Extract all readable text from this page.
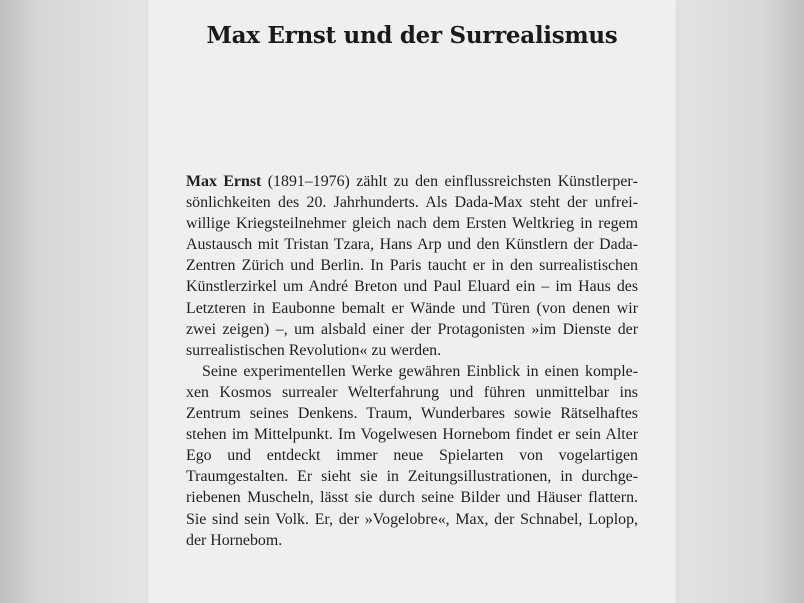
Max Ernst und der Surrealismus

Max Ernst (1891–1976) zählt zu den einflussreichsten Künstlerpersönlichkeiten des 20. Jahrhunderts. Als Dada-Max steht der unfreiwillige Kriegsteilnehmer gleich nach dem Ersten Weltkrieg in regem Austausch mit Tristan Tzara, Hans Arp und den Künstlern der Dada-Zentren Zürich und Berlin. In Paris taucht er in den surrealistischen Künstlerzirkel um André Breton und Paul Eluard ein – im Haus des Letzteren in Eaubonne bemalt er Wände und Türen (von denen wir zwei zeigen) –, um alsbald einer der Protagonisten »im Dienste der surrealistischen Revolution« zu werden.

Seine experimentellen Werke gewähren Einblick in einen komplexen Kosmos surrealer Welterfahrung und führen unmittelbar ins Zentrum seines Denkens. Traum, Wunderbares sowie Rätselhaftes stehen im Mittelpunkt. Im Vogelwesen Hornebom findet er sein Alter Ego und entdeckt immer neue Spielarten von vogelartigen Traumgestalten. Er sieht sie in Zeitungsillustrationen, in durchgeriebenen Muscheln, lässt sie durch seine Bilder und Häuser flattern. Sie sind sein Volk. Er, der »Vogelobre«, Max, der Schnabel, Loplop, der Hornebom.
